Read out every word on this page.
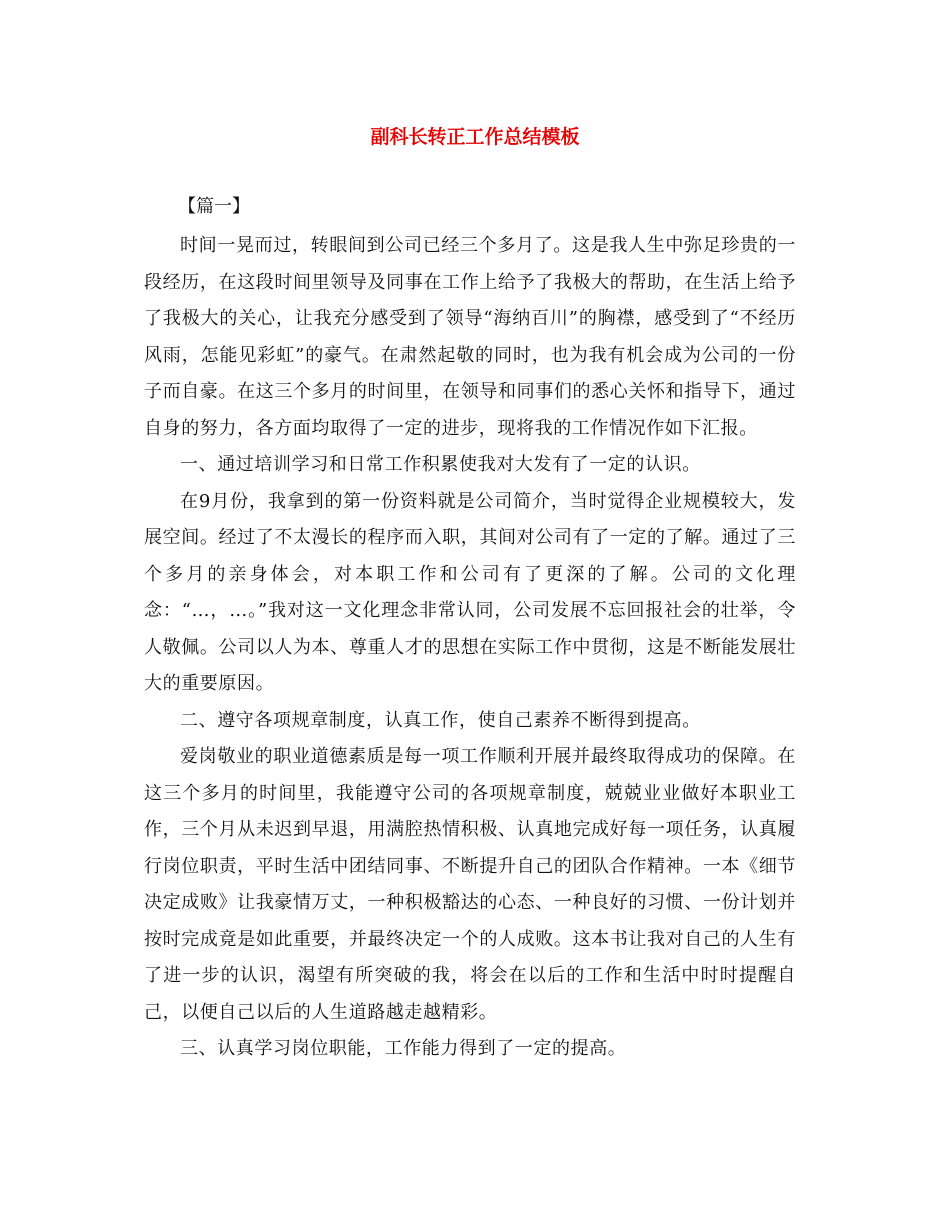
副科长转正工作总结模板

【篇一】

时间一晃而过，转眼间到公司已经三个多月了。这是我人生中弥足珍贵的一段经历，在这段时间里领导及同事在工作上给予了我极大的帮助，在生活上给予了我极大的关心，让我充分感受到了领导“海纳百川”的胸襟，感受到了“不经历风雨，怎能见彩虹”的豪气。在肃然起敬的同时，也为我有机会成为公司的一份子而自豪。在这三个多月的时间里，在领导和同事们的悉心关怀和指导下，通过自身的努力，各方面均取得了一定的进步，现将我的工作情况作如下汇报。

一、通过培训学习和日常工作积累使我对大发有了一定的认识。

在9月份，我拿到的第一份资料就是公司简介，当时觉得企业规模较大，发展空间。经过了不太漫长的程序而入职，其间对公司有了一定的了解。通过了三个多月的亲身体会，对本职工作和公司有了更深的了解。公司的文化理念：“…，…。”我对这一文化理念非常认同，公司发展不忘回报社会的壮举，令人敬佩。公司以人为本、尊重人才的思想在实际工作中贯彻，这是不断能发展壮大的重要原因。

二、遵守各项规章制度，认真工作，使自己素养不断得到提高。

爱岗敬业的职业道德素质是每一项工作顺利开展并最终取得成功的保障。在这三个多月的时间里，我能遵守公司的各项规章制度，兢兢业业做好本职业工作，三个月从未迟到早退，用满腔热情积极、认真地完成好每一项任务，认真履行岗位职责，平时生活中团结同事、不断提升自己的团队合作精神。一本《细节决定成败》让我豪情万丈，一种积极豁达的心态、一种良好的习惯、一份计划并按时完成竟是如此重要，并最终决定一个的人成败。这本书让我对自己的人生有了进一步的认识，渴望有所突破的我，将会在以后的工作和生活中时时提醒自己，以便自己以后的人生道路越走越精彩。

三、认真学习岗位职能，工作能力得到了一定的提高。
